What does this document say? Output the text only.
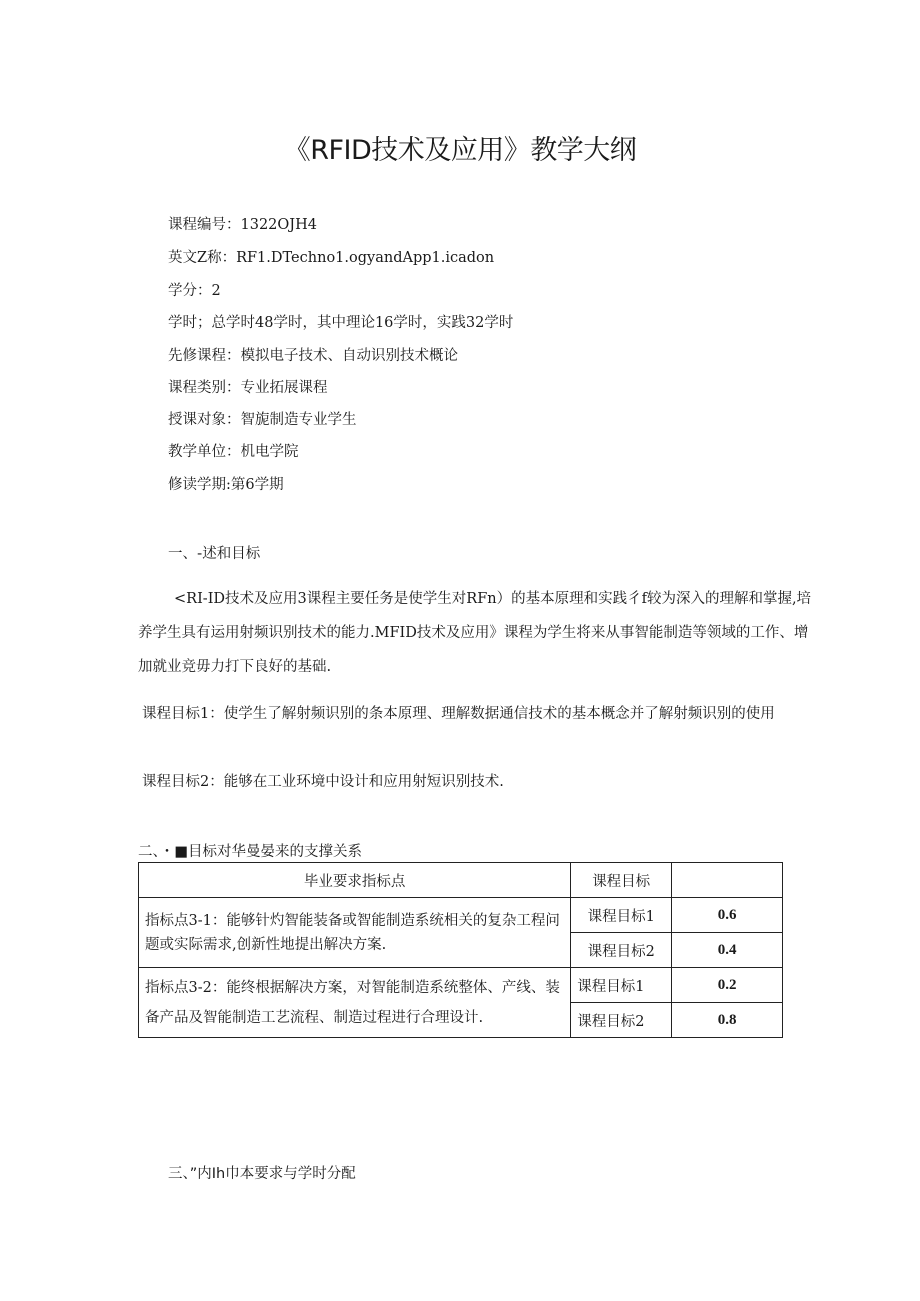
《RFID技术及应用》教学大纲
课程编号：1322OJH4
英文Z称：RF1.DTechno1.ogyandApp1.icadon
学分：2
学时；总学时48学时，其中理论16学时，实践32学时
先修课程：模拟电子技术、自动识别技术概论
课程类别：专业拓展课程
授课对象：智旎制造专业学生
教学单位：机电学院
修读学期:第6学期
一、-述和目标

<RI-ID技术及应用3课程主要任务是使学生对RFn）的基本原理和实践彳f较为深入的理解和掌握,培养学生具有运用射频识别技术的能力.MFID技术及应用》课程为学生将来从事智能制造等领域的工作、增加就业竞毋力打下良好的基础.

课程目标1：使学生了解射频识别的条本原理、理解数据通信技术的基本概念并了解射频识别的使用

课程目标2：能够在工业环境中设计和应用射短识别技术.

二、・■目标对华曼晏来的支撑关系
毕业要求指标点	课程目标	
指标点3-1：能够针灼智能装备或智能制造系统相关的复杂工程问题或实际需求,创新性地提出解决方案.	课程目标1	0.6
	课程目标2	0.4
指标点3-2：能终根据解决方案，对智能制造系统整体、产线、装备产品及智能制造工艺流程、制造过程进行合理设计.	课程目标1	0.2
	课程目标2	0.8
三、”内Ih巾本要求与学时分配
